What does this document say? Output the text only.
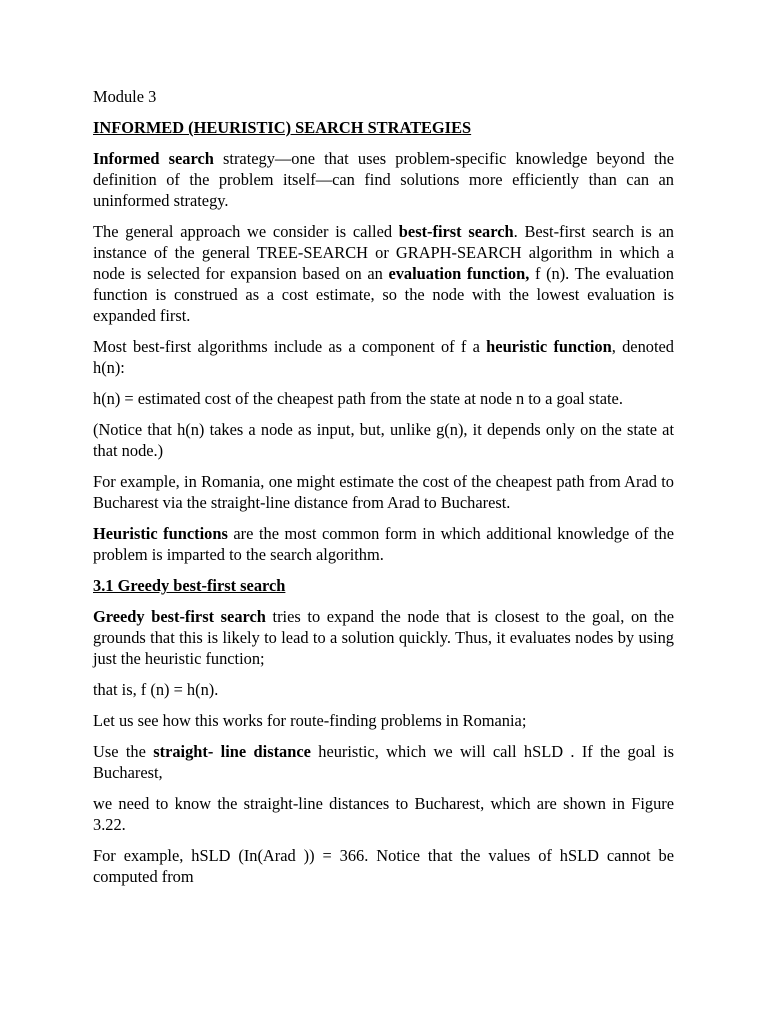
Module 3

INFORMED (HEURISTIC) SEARCH STRATEGIES

Informed search strategy—one that uses problem-specific knowledge beyond the definition of the problem itself—can find solutions more efficiently than can an uninformed strategy.

The general approach we consider is called best-first search. Best-first search is an instance of the general TREE-SEARCH or GRAPH-SEARCH algorithm in which a node is selected for expansion based on an evaluation function, f (n). The evaluation function is construed as a cost estimate, so the node with the lowest evaluation is expanded first.

Most best-first algorithms include as a component of f a heuristic function, denoted h(n):

h(n) = estimated cost of the cheapest path from the state at node n to a goal state.

(Notice that h(n) takes a node as input, but, unlike g(n), it depends only on the state at that node.)

For example, in Romania, one might estimate the cost of the cheapest path from Arad to Bucharest via the straight-line distance from Arad to Bucharest.

Heuristic functions are the most common form in which additional knowledge of the problem is imparted to the search algorithm.

3.1 Greedy best-first search

Greedy best-first search tries to expand the node that is closest to the goal, on the grounds that this is likely to lead to a solution quickly. Thus, it evaluates nodes by using just the heuristic function;

that is, f (n) = h(n).

Let us see how this works for route-finding problems in Romania;

Use the straight- line distance heuristic, which we will call hSLD . If the goal is Bucharest,

we need to know the straight-line distances to Bucharest, which are shown in Figure 3.22.

For example, hSLD (In(Arad )) = 366. Notice that the values of hSLD cannot be computed from
